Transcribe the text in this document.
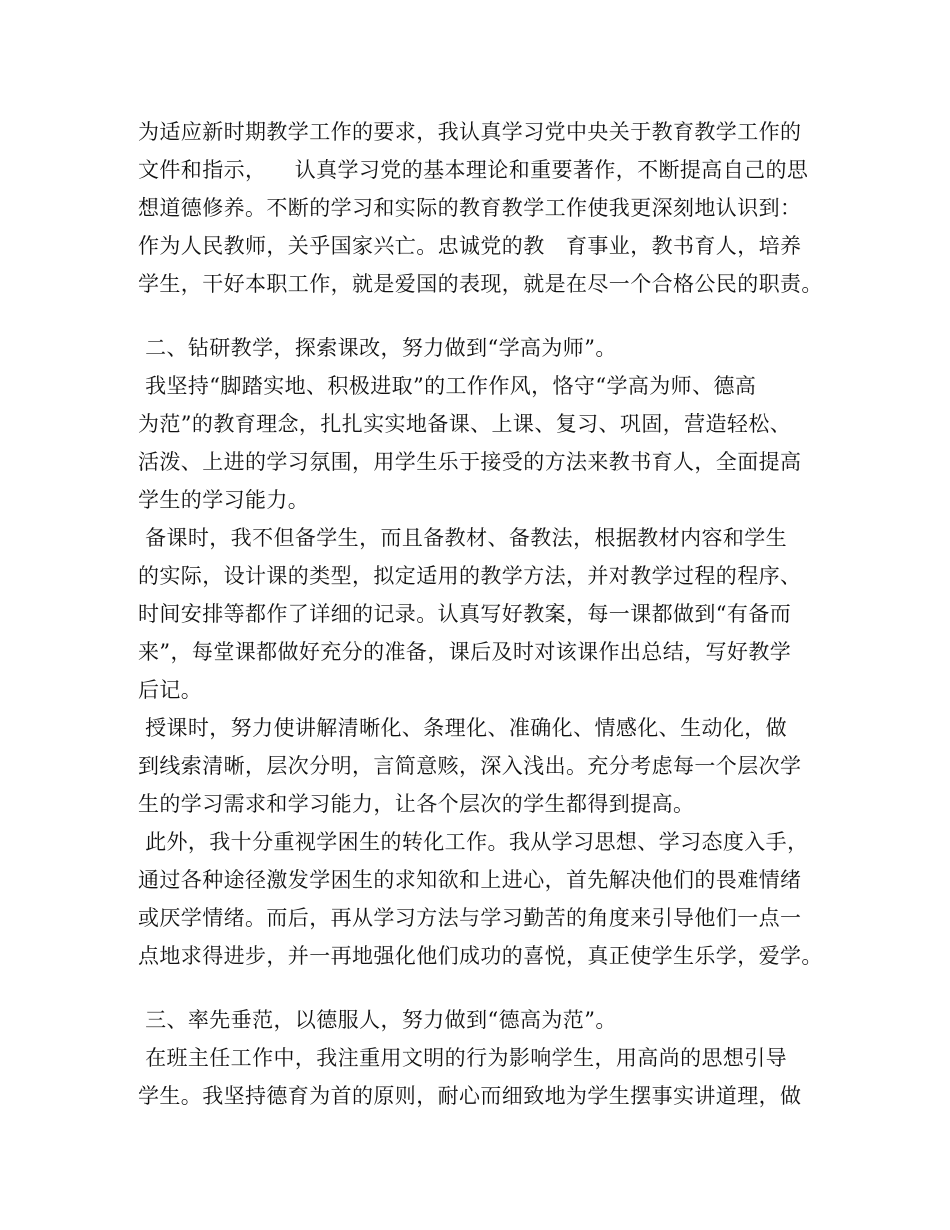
为适应新时期教学工作的要求，我认真学习党中央关于教育教学工作的
文件和指示，    认真学习党的基本理论和重要著作，不断提高自己的思
想道德修养。不断的学习和实际的教育教学工作使我更深刻地认识到：
作为人民教师，关乎国家兴亡。忠诚党的教　育事业，教书育人，培养
学生，干好本职工作，就是爱国的表现，就是在尽一个合格公民的职责。
二、钻研教学，探索课改，努力做到“学高为师”。
我坚持“脚踏实地、积极进取”的工作作风，恪守“学高为师、德高
为范”的教育理念，扎扎实实地备课、上课、复习、巩固，营造轻松、
活泼、上进的学习氛围，用学生乐于接受的方法来教书育人，全面提高
学生的学习能力。
备课时，我不但备学生，而且备教材、备教法，根据教材内容和学生
的实际，设计课的类型，拟定适用的教学方法，并对教学过程的程序、
时间安排等都作了详细的记录。认真写好教案，每一课都做到“有备而
来”，每堂课都做好充分的准备，课后及时对该课作出总结，写好教学
后记。
授课时，努力使讲解清晰化、条理化、准确化、情感化、生动化，做
到线索清晰，层次分明，言简意赅，深入浅出。充分考虑每一个层次学
生的学习需求和学习能力，让各个层次的学生都得到提高。
此外，我十分重视学困生的转化工作。我从学习思想、学习态度入手，
通过各种途径激发学困生的求知欲和上进心，首先解决他们的畏难情绪
或厌学情绪。而后，再从学习方法与学习勤苦的角度来引导他们一点一
点地求得进步，并一再地强化他们成功的喜悦，真正使学生乐学，爱学。
三、率先垂范，以德服人，努力做到“德高为范”。
在班主任工作中，我注重用文明的行为影响学生，用高尚的思想引导
学生。我坚持德育为首的原则，耐心而细致地为学生摆事实讲道理，做
